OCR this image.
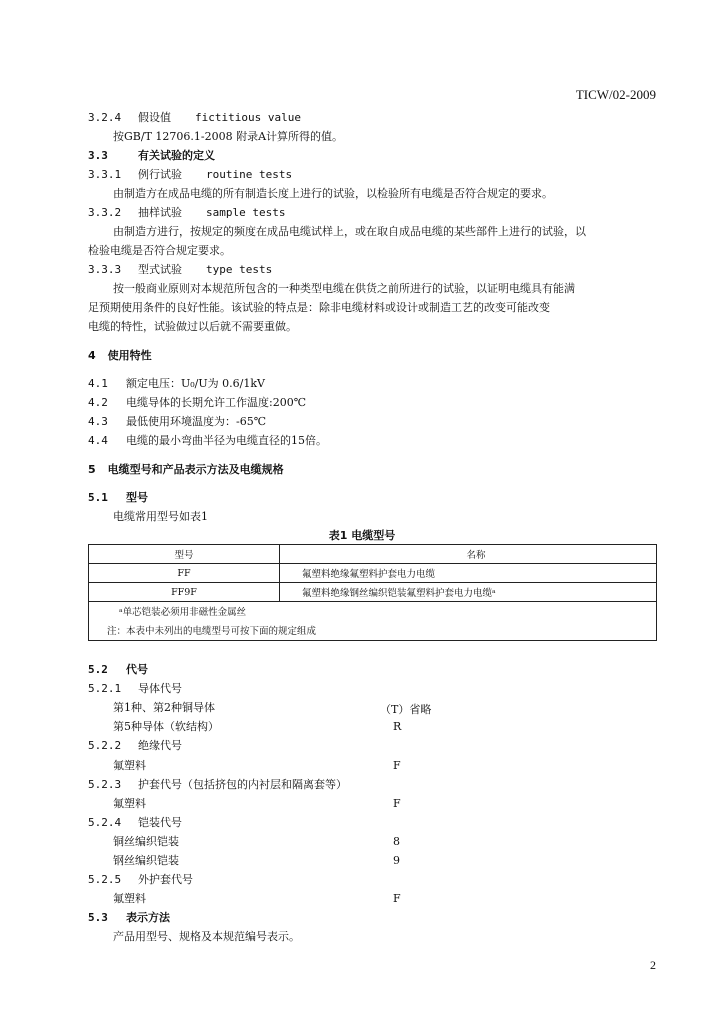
TICW/02-2009
3.2.4 假设值 fictitious value
按GB/T 12706.1-2008 附录A计算所得的值。
3.3	有关试验的定义
3.3.1 例行试验 routine tests
由制造方在成品电缆的所有制造长度上进行的试验，以检验所有电缆是否符合规定的要求。
3.3.2 抽样试验 sample tests
由制造方进行，按规定的频度在成品电缆试样上，或在取自成品电缆的某些部件上进行的试验，以
检验电缆是否符合规定要求。
3.3.3 型式试验 type tests
按一般商业原则对本规范所包含的一种类型电缆在供货之前所进行的试验，以证明电缆具有能满
足预期使用条件的良好性能。该试验的特点是：除非电缆材料或设计或制造工艺的改变可能改变
电缆的特性，试验做过以后就不需要重做。
4 使用特性
4.1 额定电压：U₀/U为 0.6/1kV
4.2 电缆导体的长期允许工作温度:200℃
4.3 最低使用环境温度为：-65℃
4.4 电缆的最小弯曲半径为电缆直径的15倍。
5 电缆型号和产品表示方法及电缆规格
5.1 型号
电缆常用型号如表1
表1 电缆型号
型号	名称
FF	氟塑料绝缘氟塑料护套电力电缆
FF9F	氟塑料绝缘钢丝编织铠装氟塑料护套电力电缆ᵃ
ᵃ单芯铠装必须用非磁性金属丝	
注：本表中未列出的电缆型号可按下面的规定组成	
5.2 代号
5.2.1 导体代号
第1种、第2种铜导体	（T）省略
第5种导体（软结构）	R
5.2.2 绝缘代号
氟塑料	F
5.2.3 护套代号（包括挤包的内衬层和隔离套等）
氟塑料	F
5.2.4 铠装代号
铜丝编织铠装	8
钢丝编织铠装	9
5.2.5 外护套代号
氟塑料	F
5.3 表示方法
产品用型号、规格及本规范编号表示。
2
